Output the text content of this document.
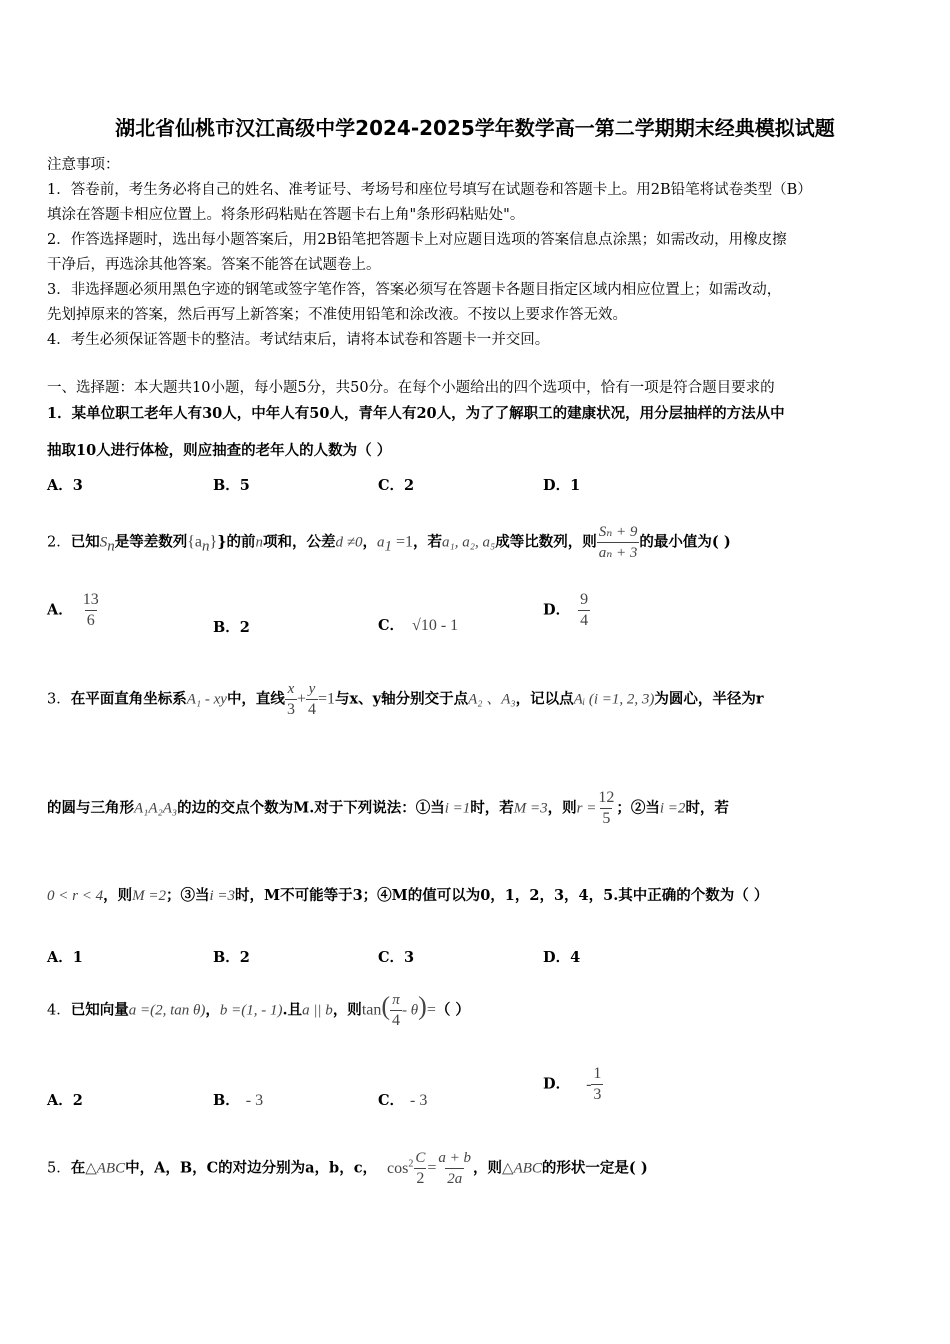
湖北省仙桃市汉江高级中学2024-2025学年数学高一第二学期期末经典模拟试题
注意事项：
1．答卷前，考生务必将自己的姓名、准考证号、考场号和座位号填写在试题卷和答题卡上。用2B铅笔将试卷类型（B）
填涂在答题卡相应位置上。将条形码粘贴在答题卡右上角"条形码粘贴处"。
2．作答选择题时，选出每小题答案后，用2B铅笔把答题卡上对应题目选项的答案信息点涂黑；如需改动，用橡皮擦
干净后，再选涂其他答案。答案不能答在试题卷上。
3．非选择题必须用黑色字迹的钢笔或签字笔作答，答案必须写在答题卡各题目指定区域内相应位置上；如需改动，
先划掉原来的答案，然后再写上新答案；不准使用铅笔和涂改液。不按以上要求作答无效。
4．考生必须保证答题卡的整洁。考试结束后，请将本试卷和答题卡一并交回。
一、选择题：本大题共10小题，每小题5分，共50分。在每个小题给出的四个选项中，恰有一项是符合题目要求的
1．某单位职工老年人有30人，中年人有50人，青年人有20人，为了了解职工的建康状况，用分层抽样的方法从中
抽取10人进行体检，则应抽查的老年人的人数为（ ）
A．3	B．5	C．2	D．1
2．已知$S_n$是等差数列$\{a_n\}$}的前n项和，公差d ≠0，$a_1 =1$，若a₁, a₂, a₅成等比数列，则 $\frac{\text{Sₙ + 9}}{\text{aₙ + 3}}$ 的最小值为( )
A． $\frac{13}{6}$	B．2	C． √10 - 1
D． $\frac{9}{4}$
3．在平面直角坐标系A₁ - xy中，直线 $\frac{x}{3} + \frac{y}{4} =1$与x、y轴分别交于点A₂ 、A₃，记以点Aᵢ (i =1, 2, 3)为圆心，半径为r
的圆与三角形A₁A₂A₃的边的交点个数为M.对于下列说法：①当i =1时，若M =3，则$r = \frac{12}{5}$ ；②当i =2时，若
0 < r < 4，则M =2；③当i =3时，M不可能等于3；④M的值可以为0，1，2，3，4，5.其中正确的个数为（ ）
A．1	B．2	C．3	D．4
4．已知向量a =(2, tan θ)，b =(1, - 1).且a || b，则$\tan( \frac{\pi}{4} - \theta)=$（ ）
A．2	B． - 3	C． - 3
D． - $\frac{1}{3}$
5．在△ABC中，A，B，C的对边分别为a，b，c， $\cos^2 \frac{C}{2} = \frac{a + b}{2a}$ ，则△ABC的形状一定是( )
